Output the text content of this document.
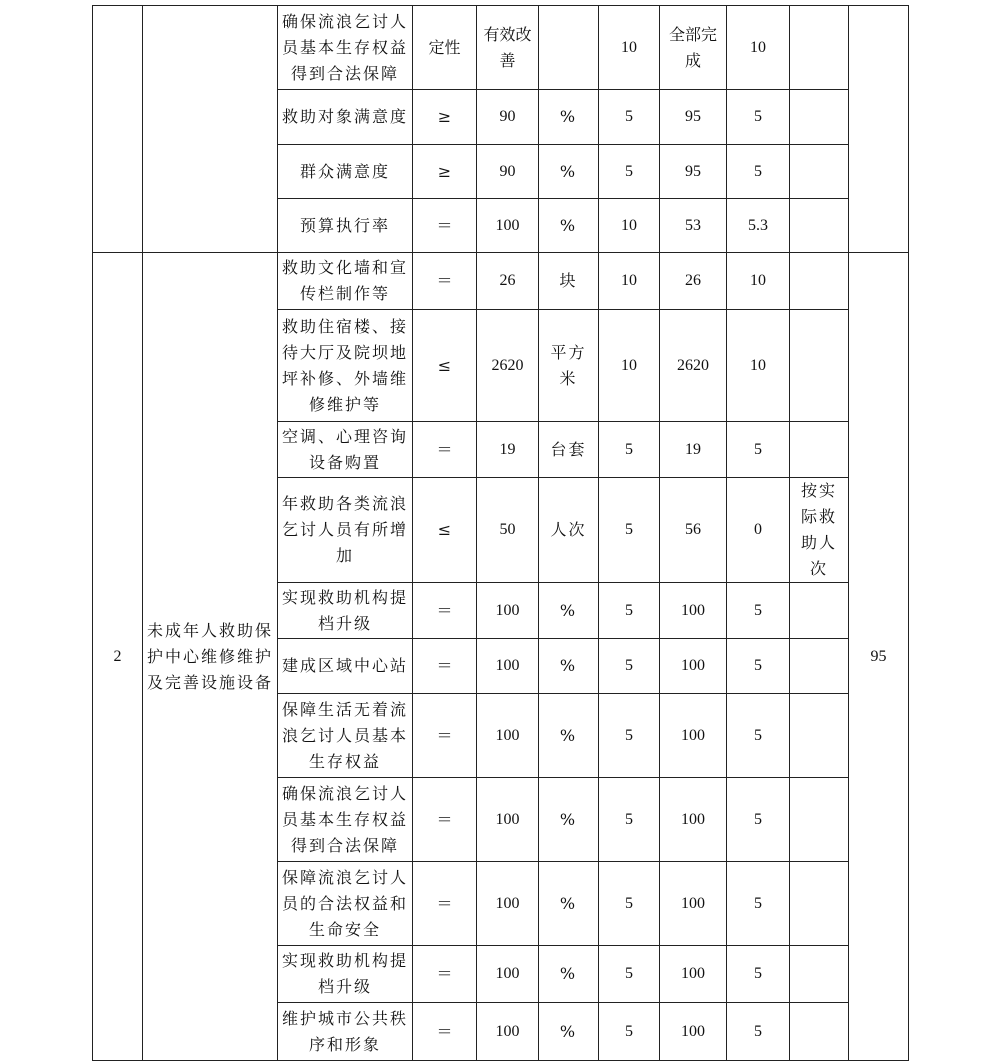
		确保流浪乞讨人员基本生存权益得到合法保障	定性	有效改善		10	全部完成	10		
		救助对象满意度	≥	90	%	5	95	5		
		群众满意度	≥	90	%	5	95	5		
		预算执行率	＝	100	%	10	53	5.3		
2	未成年人救助保护中心维修维护及完善设施设备	救助文化墙和宣传栏制作等	＝	26	块	10	26	10		95
		救助住宿楼、接待大厅及院坝地坪补修、外墙维修维护等	≤	2620	平方米	10	2620	10		
		空调、心理咨询设备购置	＝	19	台套	5	19	5		
		年救助各类流浪乞讨人员有所增加	≤	50	人次	5	56	0	按实际救助人次	
		实现救助机构提档升级	＝	100	%	5	100	5		
		建成区域中心站	＝	100	%	5	100	5		
		保障生活无着流浪乞讨人员基本生存权益	＝	100	%	5	100	5		
		确保流浪乞讨人员基本生存权益得到合法保障	＝	100	%	5	100	5		
		保障流浪乞讨人员的合法权益和生命安全	＝	100	%	5	100	5		
		实现救助机构提档升级	＝	100	%	5	100	5		
		维护城市公共秩序和形象	＝	100	%	5	100	5		
